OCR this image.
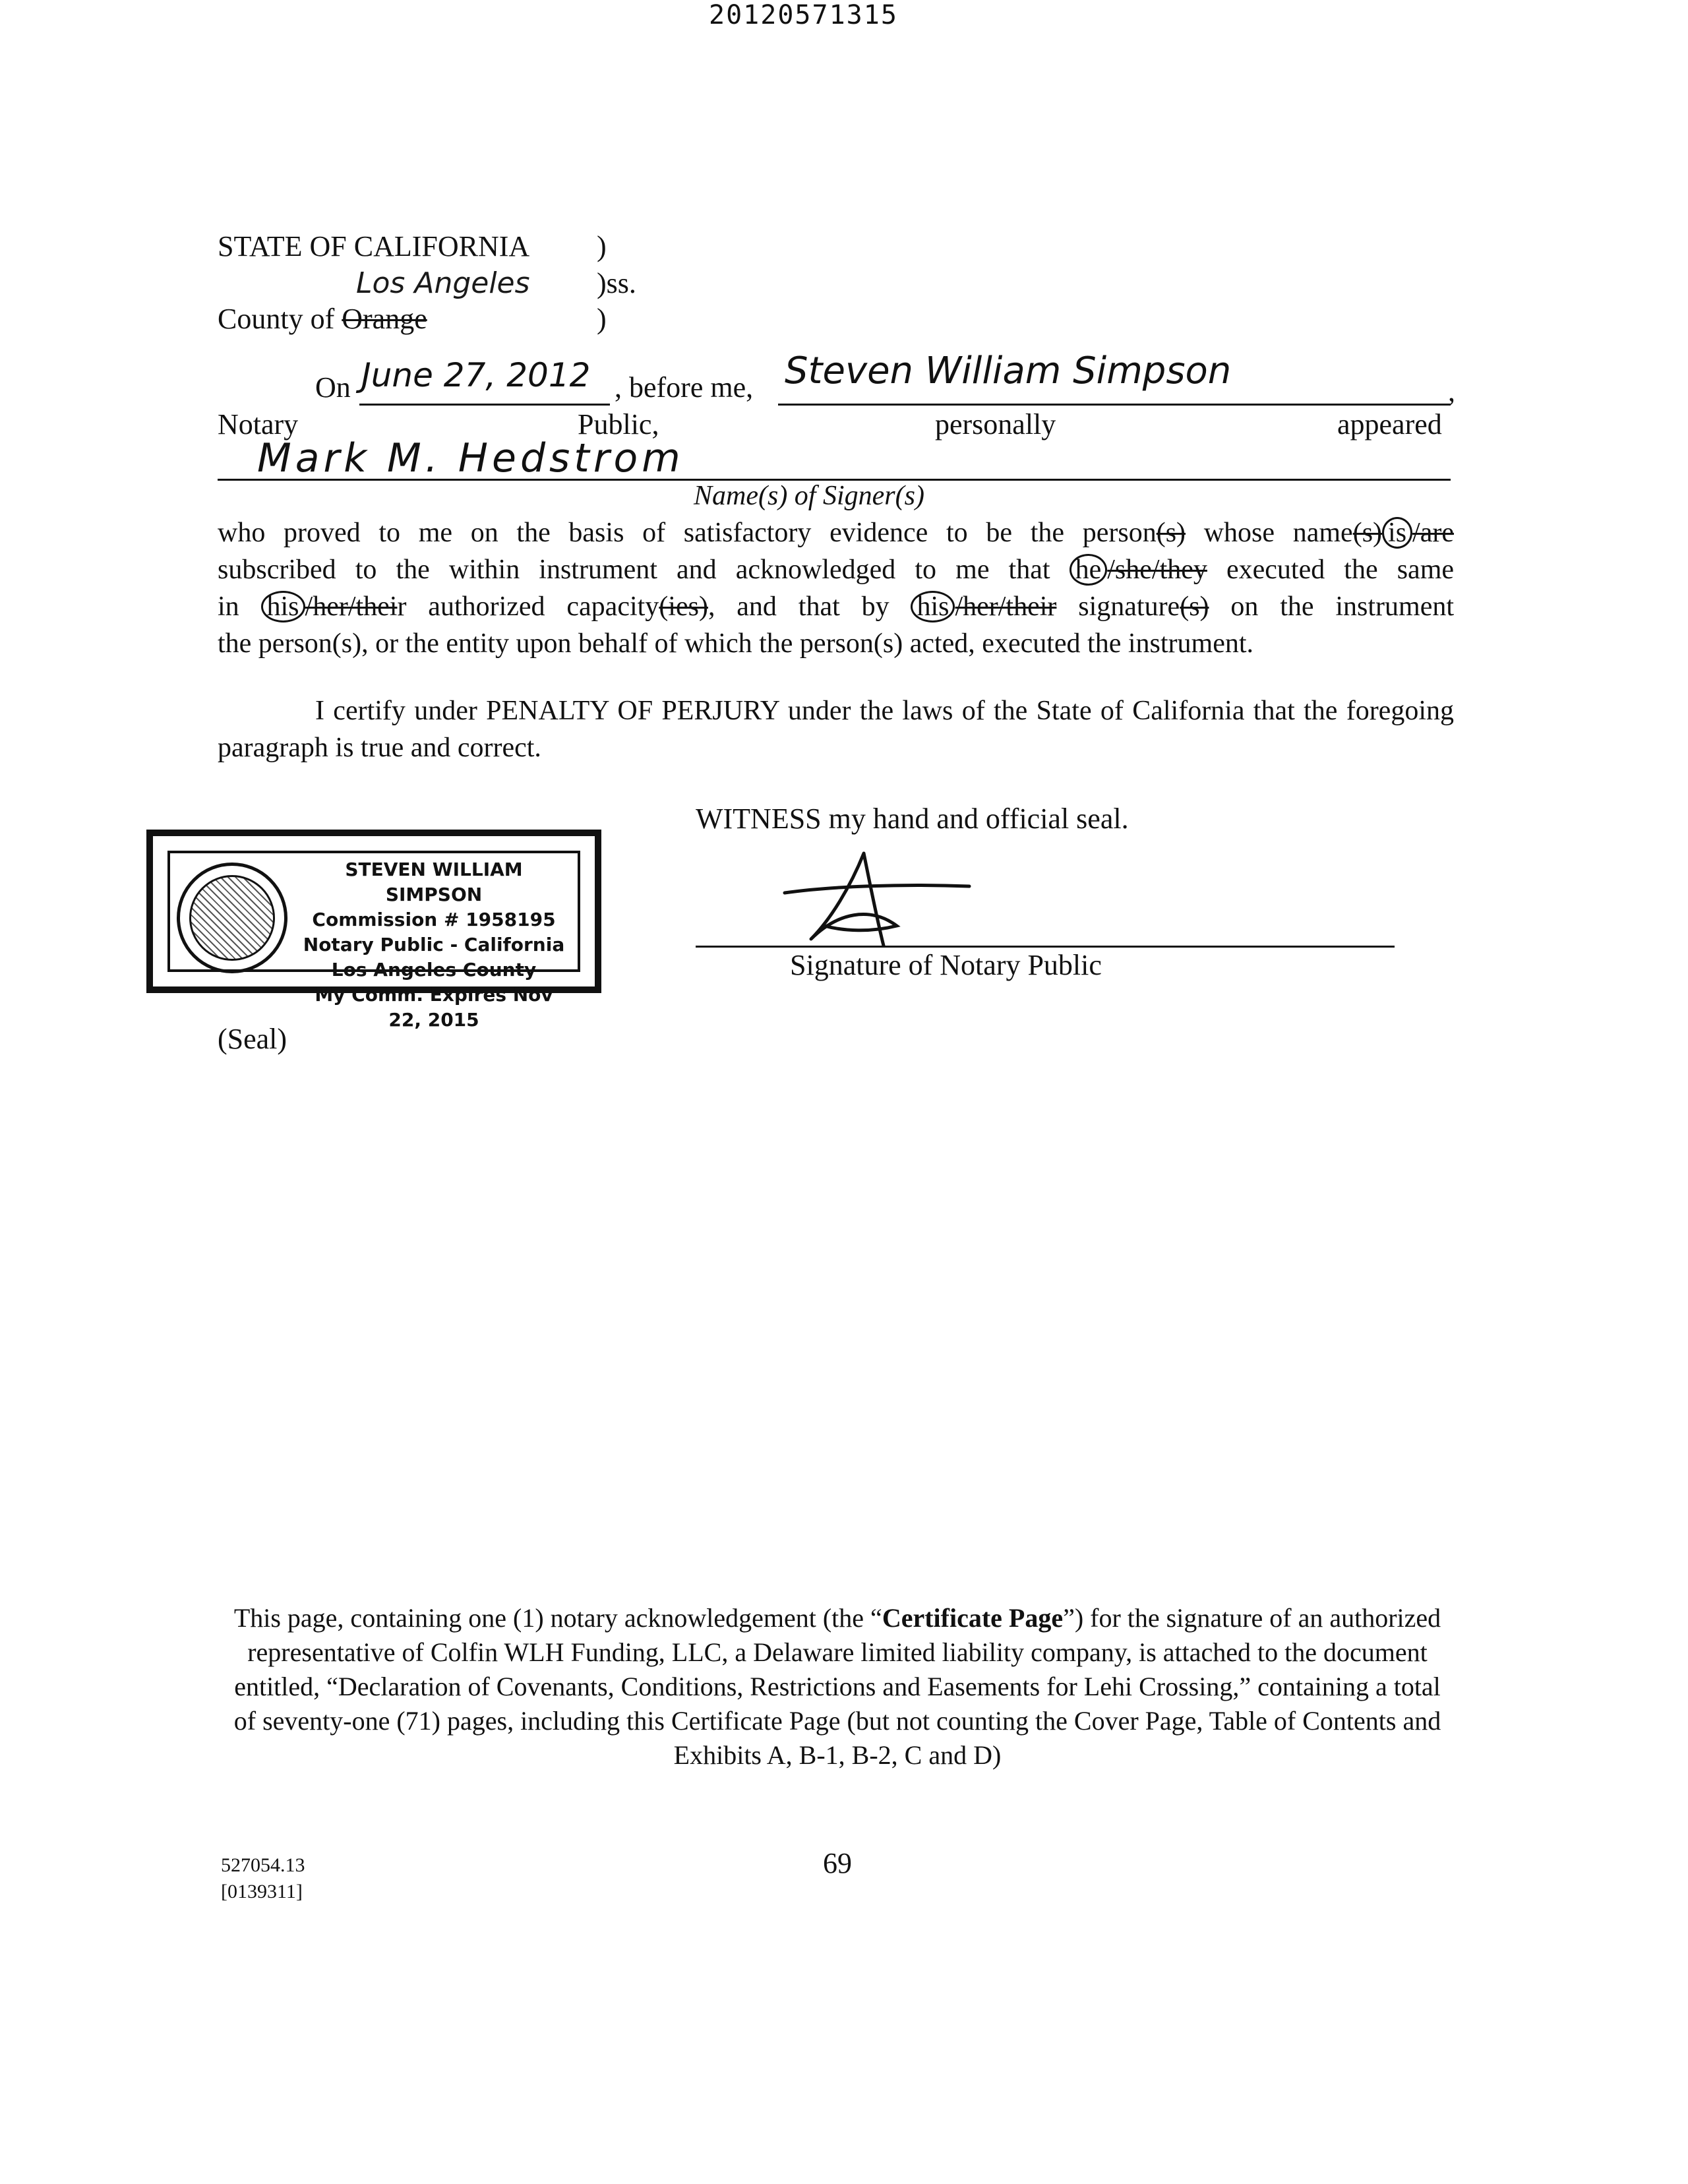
20120571315
STATE OF CALIFORNIA )
Los Angeles )ss.
County of Orange	)
On June 27, 2012 , before me, Steven William Simpson	,
Notary	Public,	personally	appeared
Mark M. Hedstrom
Name(s) of Signer(s)
who proved to me on the basis of satisfactory evidence to be the person(s) whose name(s) is /are
subscribed to the within instrument and acknowledged to me that he /she/they executed the same
in his /her/their authorized capacity(ies), and that by his /her/their signature(s) on the instrument
the person(s), or the entity upon behalf of which the person(s) acted, executed the instrument.
I certify under PENALTY OF PERJURY under the laws of the State of California that the foregoing paragraph is true and correct.
WITNESS my hand and official seal.
Signature of Notary Public
STEVEN WILLIAM SIMPSON
Commission # 1958195
Notary Public - California
Los Angeles County
My Comm. Expires Nov 22, 2015
(Seal)
This page, containing one (1) notary acknowledgement (the “Certificate Page”) for the signature of an authorized representative of Colfin WLH Funding, LLC, a Delaware limited liability company, is attached to the document entitled, “Declaration of Covenants, Conditions, Restrictions and Easements for Lehi Crossing,” containing a total of seventy-one (71) pages, including this Certificate Page (but not counting the Cover Page, Table of Contents and Exhibits A, B-1, B-2, C and D)
527054.13
[0139311]
69
